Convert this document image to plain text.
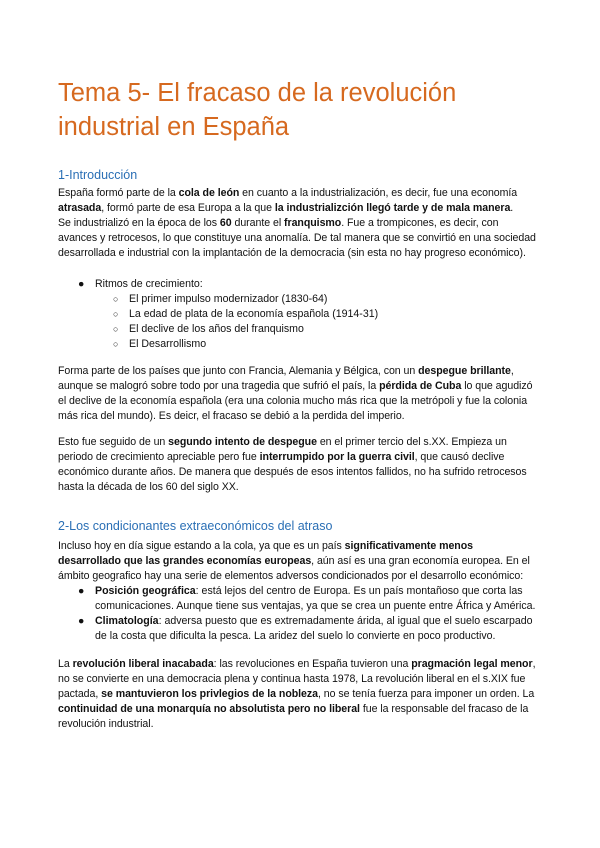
Tema 5- El fracaso de la revolución
industrial en España
1-Introducción

España formó parte de la cola de león en cuanto a la industrialización, es decir, fue una economía
atrasada, formó parte de esa Europa a la que la industrializción llegó tarde y de mala manera.
Se industrializó en la época de los 60 durante el franquismo. Fue a trompicones, es decir, con
avances y retrocesos, lo que constituye una anomalía. De tal manera que se convirtió en una sociedad
desarrollada e industrial con la implantación de la democracia (sin esta no hay progreso económico).

● Ritmos de crecimiento:
○ El primer impulso modernizador (1830-64)
○ La edad de plata de la economía española (1914-31)
○ El declive de los años del franquismo
○ El Desarrollismo

Forma parte de los países que junto con Francia, Alemania y Bélgica, con un despegue brillante,
aunque se malogró sobre todo por una tragedia que sufrió el país, la pérdida de Cuba lo que agudizó
el declive de la economía española (era una colonia mucho más rica que la metrópoli y fue la colonia
más rica del mundo). Es deicr, el fracaso se debió a la perdida del imperio.

Esto fue seguido de un segundo intento de despegue en el primer tercio del s.XX. Empieza un
periodo de crecimiento apreciable pero fue interrumpido por la guerra civil, que causó declive
económico durante años. De manera que después de esos intentos fallidos, no ha sufrido retrocesos
hasta la década de los 60 del siglo XX.

2-Los condicionantes extraeconómicos del atraso

Incluso hoy en día sigue estando a la cola, ya que es un país significativamente menos
desarrollado que las grandes economías europeas, aún así es una gran economía europea. En el
ámbito geografico hay una serie de elementos adversos condicionados por el desarrollo económico:

● Posición geográfica: está lejos del centro de Europa. Es un país montañoso que corta las
comunicaciones. Aunque tiene sus ventajas, ya que se crea un puente entre África y América.
● Climatología: adversa puesto que es extremadamente árida, al igual que el suelo escarpado
de la costa que dificulta la pesca. La aridez del suelo lo convierte en poco productivo.

La revolución liberal inacabada: las revoluciones en España tuvieron una pragmación legal menor,
no se convierte en una democracia plena y continua hasta 1978, La revolución liberal en el s.XIX fue
pactada, se mantuvieron los privlegios de la nobleza, no se tenía fuerza para imponer un orden. La
continuidad de una monarquía no absolutista pero no liberal fue la responsable del fracaso de la
revolución industrial.
